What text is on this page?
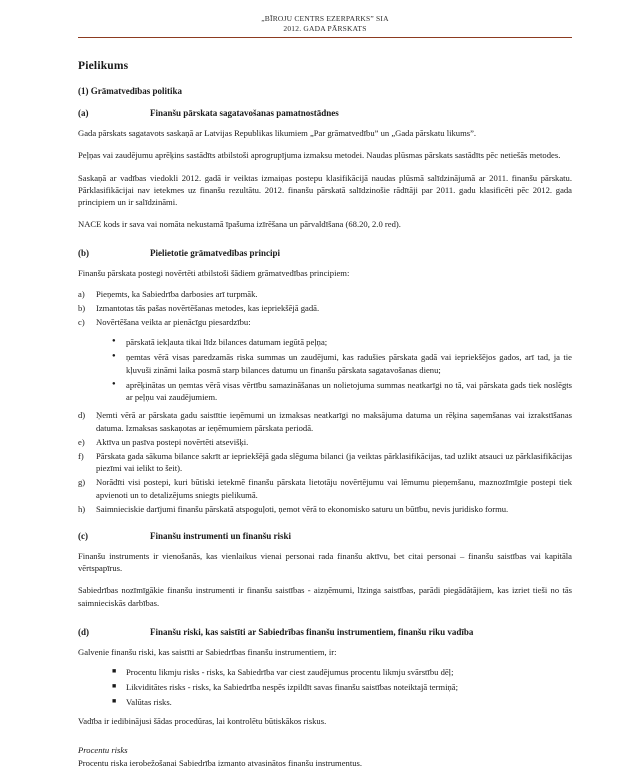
„BĪROJU CENTRS EZERPARKS” SIA
2012. GADA PĀRSKATS
Pielikums
(1) Grāmatvedības politika
(a)	Finanšu pārskata sagatavošanas pamatnostādnes

Gada pārskats sagatavots saskaņā ar Latvijas Republikas likumiem „Par grāmatvedību” un „Gada pārskatu likums”.

Peļņas vai zaudējumu aprēķins sastādīts atbilstoši aprogrupījuma izmaksu metodei. Naudas plūsmas pārskats sastādīts pēc netiešās metodes.

Saskaņā ar vadības viedokli 2012. gadā ir veiktas izmaiņas postepu klasifikācijā naudas plūsmā salīdzinājumā ar 2011. finanšu pārskatu. Pārklasifikācijai nav ietekmes uz finanšu rezultātu. 2012. finanšu pārskatā salīdzinošie rādītāji par 2011. gadu klasificēti pēc 2012. gada principiem un ir salīdzināmi.

NACE kods ir sava vai nomāta nekustamā īpašuma izīrēšana un pārvaldīšana (68.20, 2.0 red).

(b)	Pielietotie grāmatvedības principi

Finanšu pārskata postegi novērtēti atbilstoši šādiem grāmatvedības principiem:

a)	Pieņemts, ka Sabiedrība darbosies arī turpmāk.
b)	Izmantotas tās pašas novērtēšanas metodes, kas iepriekšējā gadā.
c)	Novērtēšana veikta ar pienācīgu piesardzību:
●	pārskatā iekļauta tikai līdz bilances datumam iegūtā peļņa;
●	ņemtas vērā visas paredzamās riska summas un zaudējumi, kas radušies pārskata gadā vai iepriekšējos gados, arī tad, ja tie kļuvuši zināmi laika posmā starp bilances datumu un finanšu pārskata sagatavošanas dienu;
●	aprēķinātas un ņemtas vērā visas vērtību samazināšanas un nolietojuma summas neatkarīgi no tā, vai pārskata gads tiek noslēgts ar peļņu vai zaudējumiem.
d)	Ņemti vērā ar pārskata gadu saistītie ieņēmumi un izmaksas neatkarīgi no maksājuma datuma un rēķina saņemšanas vai izrakstīšanas datuma. Izmaksas saskaņotas ar ieņēmumiem pārskata periodā.
e)	Aktīva un pasīva postepi novērtēti atsevišķi.
f)	Pārskata gada sākuma bilance sakrīt ar iepriekšējā gada slēguma bilanci (ja veiktas pārklasifikācijas, tad uzlikt atsauci uz pārklasifikācijas piezīmi vai ielikt to šeit).
g)	Norādīti visi postepi, kuri būtiski ietekmē finanšu pārskata lietotāju novērtējumu vai lēmumu pieņemšanu, maznozīmīgie postepi tiek apvienoti un to detalizējums sniegts pielikumā.
h)	Saimnieciskie darījumi finanšu pārskatā atspoguļoti, ņemot vērā to ekonomisko saturu un būtību, nevis juridisko formu.
(c)	Finanšu instrumenti un finanšu riski

Finanšu instruments ir vienošanās, kas vienlaikus vienai personai rada finanšu aktīvu, bet citai personai – finanšu saistības vai kapitāla vērtspapīrus.

Sabiedrības nozīmīgākie finanšu instrumenti ir finanšu saistības - aizņēmumi, līzinga saistības, parādi piegādātājiem, kas izriet tieši no tās saimnieciskās darbības.

(d)	Finanšu riski, kas saistīti ar Sabiedrības finanšu instrumentiem, finanšu riku vadība

Galvenie finanšu riski, kas saistīti ar Sabiedrības finanšu instrumentiem, ir:

■	Procentu likmju risks - risks, ka Sabiedrība var ciest zaudējumus procentu likmju svārstību dēļ;
■	Likviditātes risks - risks, ka Sabiedrība nespēs izpildīt savas finanšu saistības noteiktajā termiņā;
■	Valūtas risks.

Vadība ir iedibinājusi šādas procedūras, lai kontrolētu būtiskākos riskus.

Procentu risks

Procentu riska ierobežošanai Sabiedrība izmanto atvasinātos finanšu instrumentus.
